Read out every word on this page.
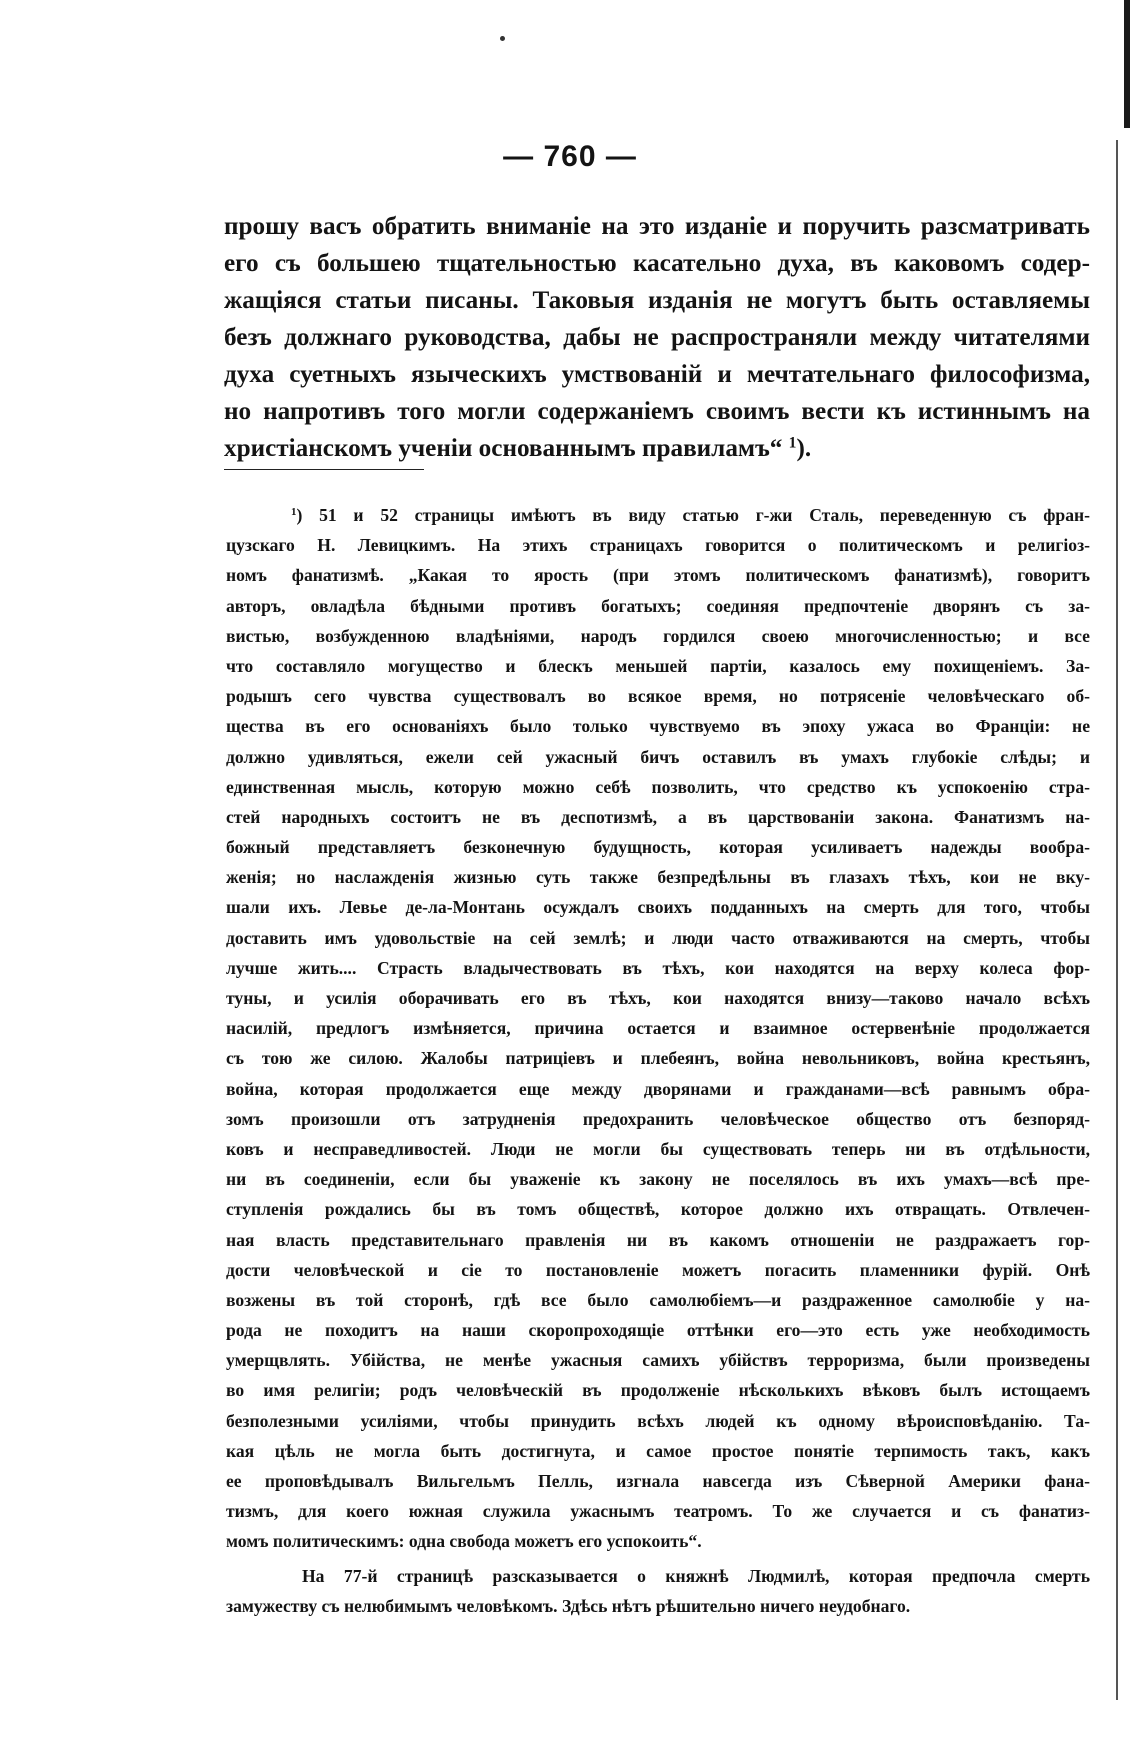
— 760 —
прошу васъ обратить вниманіе на это изданіе и поручить разсматривать
его съ большею тщательностью касательно духа, въ каковомъ содер-
жащіяся статьи писаны. Таковыя изданія не могутъ быть оставляемы
безъ должнаго руководства, дабы не распространяли между читателями
духа суетныхъ языческихъ умствованій и мечтательнаго философизма,
но напротивъ того могли содержаніемъ своимъ вести къ истиннымъ на
христіанскомъ ученіи основаннымъ правиламъ“ $^1$).
$^1$) 51 и 52 страницы имѣютъ въ виду статью г-жи Сталь, переведенную съ фран-
цузскаго Н. Левицкимъ. На этихъ страницахъ говорится о политическомъ и религіоз-
номъ фанатизмѣ. „Какая то ярость (при этомъ политическомъ фанатизмѣ), говоритъ
авторъ, овладѣла бѣдными противъ богатыхъ; соединяя предпочтеніе дворянъ съ за-
вистью, возбужденною владѣніями, народъ гордился своею многочисленностью; и все
что составляло могущество и блескъ меньшей партіи, казалось ему похищеніемъ. За-
родышъ сего чувства существовалъ во всякое время, но потрясеніе человѣческаго об-
щества въ его основаніяхъ было только чувствуемо въ эпоху ужаса во Франціи: не
должно удивляться, ежели сей ужасный бичъ оставилъ въ умахъ глубокіе слѣды; и
единственная мысль, которую можно себѣ позволить, что средство къ успокоенію стра-
стей народныхъ состоитъ не въ деспотизмѣ, а въ царствованіи закона. Фанатизмъ на-
божный представляетъ безконечную будущность, которая усиливаетъ надежды вообра-
женія; но наслажденія жизнью суть также безпредѣльны въ глазахъ тѣхъ, кои не вку-
шали ихъ. Левье де-ла-Монтань осуждалъ своихъ подданныхъ на смерть для того, чтобы
доставить имъ удовольствіе на сей землѣ; и люди часто отваживаются на смерть, чтобы
лучше жить.... Страсть владычествовать въ тѣхъ, кои находятся на верху колеса фор-
туны, и усилія оборачивать его въ тѣхъ, кои находятся внизу—таково начало всѣхъ
насилій, предлогъ измѣняется, причина остается и взаимное остервенѣніе продолжается
съ тою же силою. Жалобы патриціевъ и плебеянъ, война невольниковъ, война крестьянъ,
война, которая продолжается еще между дворянами и гражданами—всѣ равнымъ обра-
зомъ произошли отъ затрудненія предохранить человѣческое общество отъ безпоряд-
ковъ и несправедливостей. Люди не могли бы существовать теперь ни въ отдѣльности,
ни въ соединеніи, если бы уваженіе къ закону не поселялось въ ихъ умахъ—всѣ пре-
ступленія рождались бы въ томъ обществѣ, которое должно ихъ отвращать. Отвлечен-
ная власть представительнаго правленія ни въ какомъ отношеніи не раздражаетъ гор-
дости человѣческой и сіе то постановленіе можетъ погасить пламенники фурій. Онѣ
возжены въ той сторонѣ, гдѣ все было самолюбіемъ—и раздраженное самолюбіе у на-
рода не походитъ на наши скоропроходящіе оттѣнки его—это есть уже необходимость
умерщвлять. Убійства, не менѣе ужасныя самихъ убійствъ терроризма, были произведены
во имя религіи; родъ человѣческій въ продолженіе нѣсколькихъ вѣковъ былъ истощаемъ
безполезными усиліями, чтобы принудить всѣхъ людей къ одному вѣроисповѣданію. Та-
кая цѣль не могла быть достигнута, и самое простое понятіе терпимость такъ, какъ
ее проповѣдывалъ Вильгельмъ Пелль, изгнала навсегда изъ Сѣверной Америки фана-
тизмъ, для коего южная служила ужаснымъ театромъ. То же случается и съ фанатиз-
момъ политическимъ: одна свобода можетъ его успокоить“.
На 77-й страницѣ разсказывается о княжнѣ Людмилѣ, которая предпочла смерть
замужеству съ нелюбимымъ человѣкомъ. Здѣсь нѣтъ рѣшительно ничего неудобнаго.
